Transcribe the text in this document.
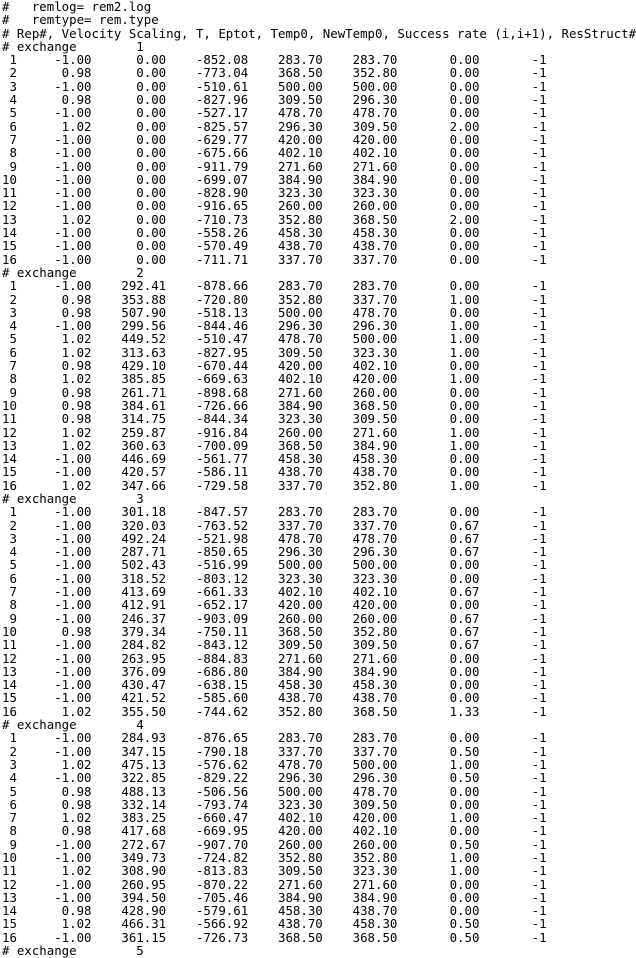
#   remlog= rem2.log
#   remtype= rem.type
# Rep#, Velocity Scaling, T, Eptot, Temp0, NewTemp0, Success rate (i,i+1), ResStruct#
# exchange        1
1     -1.00      0.00    -852.08    283.70    283.70       0.00       -1
2      0.98      0.00    -773.04    368.50    352.80       0.00       -1
3     -1.00      0.00    -510.61    500.00    500.00       0.00       -1
4      0.98      0.00    -827.96    309.50    296.30       0.00       -1
5     -1.00      0.00    -527.17    478.70    478.70       0.00       -1
6      1.02      0.00    -825.57    296.30    309.50       2.00       -1
7     -1.00      0.00    -629.77    420.00    420.00       0.00       -1
8     -1.00      0.00    -675.66    402.10    402.10       0.00       -1
9     -1.00      0.00    -911.79    271.60    271.60       0.00       -1
10     -1.00      0.00    -699.07    384.90    384.90       0.00       -1
11     -1.00      0.00    -828.90    323.30    323.30       0.00       -1
12     -1.00      0.00    -916.65    260.00    260.00       0.00       -1
13      1.02      0.00    -710.73    352.80    368.50       2.00       -1
14     -1.00      0.00    -558.26    458.30    458.30       0.00       -1
15     -1.00      0.00    -570.49    438.70    438.70       0.00       -1
16     -1.00      0.00    -711.71    337.70    337.70       0.00       -1
# exchange        2
1     -1.00    292.41    -878.66    283.70    283.70       0.00       -1
2      0.98    353.88    -720.80    352.80    337.70       1.00       -1
3      0.98    507.90    -518.13    500.00    478.70       0.00       -1
4     -1.00    299.56    -844.46    296.30    296.30       1.00       -1
5      1.02    449.52    -510.47    478.70    500.00       1.00       -1
6      1.02    313.63    -827.95    309.50    323.30       1.00       -1
7      0.98    429.10    -670.44    420.00    402.10       0.00       -1
8      1.02    385.85    -669.63    402.10    420.00       1.00       -1
9      0.98    261.71    -898.68    271.60    260.00       0.00       -1
10      0.98    384.61    -726.66    384.90    368.50       0.00       -1
11      0.98    314.75    -844.34    323.30    309.50       0.00       -1
12      1.02    259.87    -916.84    260.00    271.60       1.00       -1
13      1.02    360.63    -700.09    368.50    384.90       1.00       -1
14     -1.00    446.69    -561.77    458.30    458.30       0.00       -1
15     -1.00    420.57    -586.11    438.70    438.70       0.00       -1
16      1.02    347.66    -729.58    337.70    352.80       1.00       -1
# exchange        3
1     -1.00    301.18    -847.57    283.70    283.70       0.00       -1
2     -1.00    320.03    -763.52    337.70    337.70       0.67       -1
3     -1.00    492.24    -521.98    478.70    478.70       0.67       -1
4     -1.00    287.71    -850.65    296.30    296.30       0.67       -1
5     -1.00    502.43    -516.99    500.00    500.00       0.00       -1
6     -1.00    318.52    -803.12    323.30    323.30       0.00       -1
7     -1.00    413.69    -661.33    402.10    402.10       0.67       -1
8     -1.00    412.91    -652.17    420.00    420.00       0.00       -1
9     -1.00    246.37    -903.09    260.00    260.00       0.67       -1
10      0.98    379.34    -750.11    368.50    352.80       0.67       -1
11     -1.00    284.82    -843.12    309.50    309.50       0.67       -1
12     -1.00    263.95    -884.83    271.60    271.60       0.00       -1
13     -1.00    376.09    -686.80    384.90    384.90       0.00       -1
14     -1.00    430.47    -638.15    458.30    458.30       0.00       -1
15     -1.00    421.52    -585.60    438.70    438.70       0.00       -1
16      1.02    355.50    -744.62    352.80    368.50       1.33       -1
# exchange        4
1     -1.00    284.93    -876.65    283.70    283.70       0.00       -1
2     -1.00    347.15    -790.18    337.70    337.70       0.50       -1
3      1.02    475.13    -576.62    478.70    500.00       1.00       -1
4     -1.00    322.85    -829.22    296.30    296.30       0.50       -1
5      0.98    488.13    -506.56    500.00    478.70       0.00       -1
6      0.98    332.14    -793.74    323.30    309.50       0.00       -1
7      1.02    383.25    -660.47    402.10    420.00       1.00       -1
8      0.98    417.68    -669.95    420.00    402.10       0.00       -1
9     -1.00    272.67    -907.70    260.00    260.00       0.50       -1
10     -1.00    349.73    -724.82    352.80    352.80       1.00       -1
11      1.02    308.90    -813.83    309.50    323.30       1.00       -1
12     -1.00    260.95    -870.22    271.60    271.60       0.00       -1
13     -1.00    394.50    -705.46    384.90    384.90       0.00       -1
14      0.98    428.90    -579.61    458.30    438.70       0.00       -1
15      1.02    466.31    -566.92    438.70    458.30       0.50       -1
16     -1.00    361.15    -726.73    368.50    368.50       0.50       -1
# exchange        5
